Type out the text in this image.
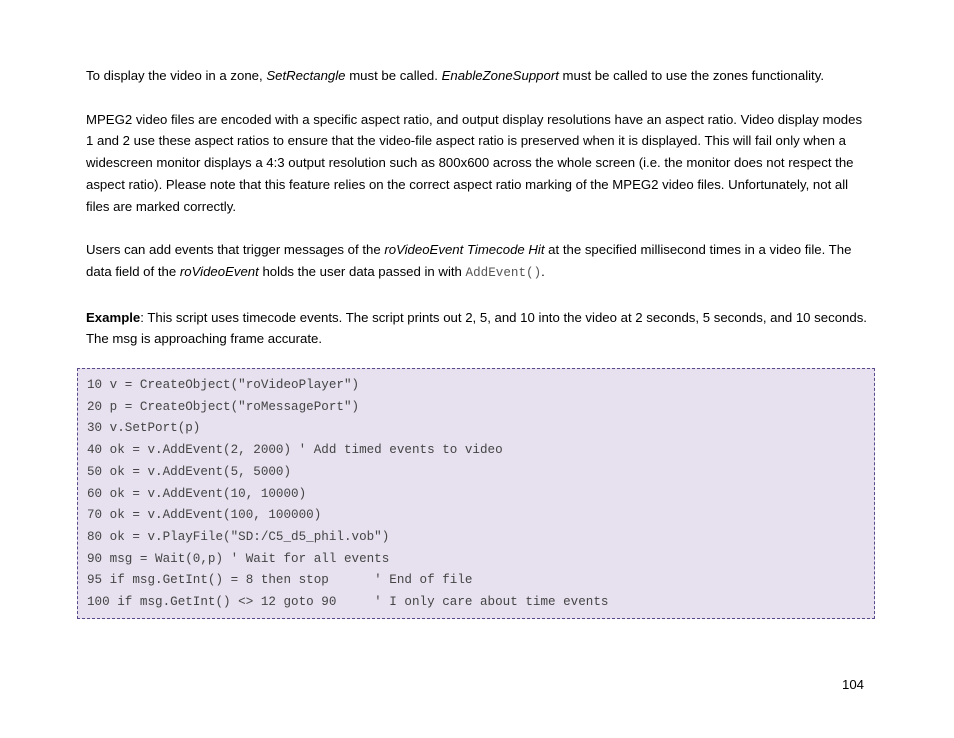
To display the video in a zone, SetRectangle must be called. EnableZoneSupport must be called to use the zones functionality.

MPEG2 video files are encoded with a specific aspect ratio, and output display resolutions have an aspect ratio. Video display modes 1 and 2 use these aspect ratios to ensure that the video-file aspect ratio is preserved when it is displayed. This will fail only when a widescreen monitor displays a 4:3 output resolution such as 800x600 across the whole screen (i.e. the monitor does not respect the aspect ratio). Please note that this feature relies on the correct aspect ratio marking of the MPEG2 video files. Unfortunately, not all files are marked correctly.

Users can add events that trigger messages of the roVideoEvent Timecode Hit at the specified millisecond times in a video file. The data field of the roVideoEvent holds the user data passed in with AddEvent().

Example: This script uses timecode events. The script prints out 2, 5, and 10 into the video at 2 seconds, 5 seconds, and 10 seconds. The msg is approaching frame accurate.

10 v = CreateObject("roVideoPlayer")
20 p = CreateObject("roMessagePort")
30 v.SetPort(p)
40 ok = v.AddEvent(2, 2000) ' Add timed events to video
50 ok = v.AddEvent(5, 5000)
60 ok = v.AddEvent(10, 10000)
70 ok = v.AddEvent(100, 100000)
80 ok = v.PlayFile("SD:/C5_d5_phil.vob")
90 msg = Wait(0,p) ' Wait for all events
95 if msg.GetInt() = 8 then stop      ' End of file
100 if msg.GetInt() <> 12 goto 90     ' I only care about time events
104
